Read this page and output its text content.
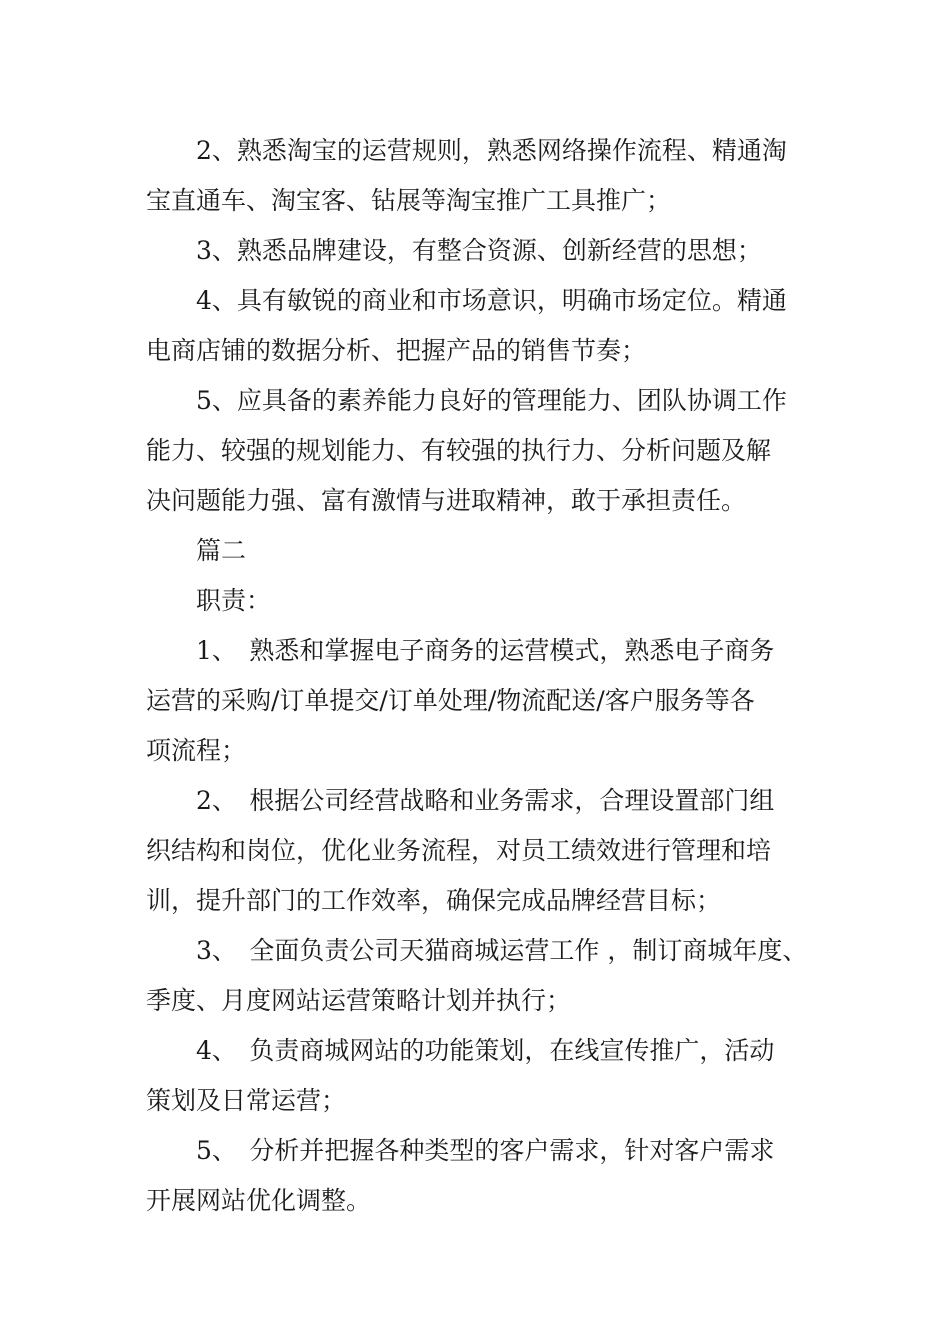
2、熟悉淘宝的运营规则，熟悉网络操作流程、精通淘
宝直通车、淘宝客、钻展等淘宝推广工具推广；
3、熟悉品牌建设，有整合资源、创新经营的思想；
4、具有敏锐的商业和市场意识，明确市场定位。精通
电商店铺的数据分析、把握产品的销售节奏；
5、应具备的素养能力良好的管理能力、团队协调工作
能力、较强的规划能力、有较强的执行力、分析问题及解
决问题能力强、富有激情与进取精神，敢于承担责任。
篇二
职责：
1、　熟悉和掌握电子商务的运营模式，熟悉电子商务
运营的采购/订单提交/订单处理/物流配送/客户服务等各
项流程；
2、　根据公司经营战略和业务需求，合理设置部门组
织结构和岗位，优化业务流程，对员工绩效进行管理和培
训，提升部门的工作效率，确保完成品牌经营目标；
3、　全面负责公司天猫商城运营工作 ，制订商城年度、
季度、月度网站运营策略计划并执行；
4、　负责商城网站的功能策划，在线宣传推广，活动
策划及日常运营；
5、　分析并把握各种类型的客户需求，针对客户需求
开展网站优化调整。
